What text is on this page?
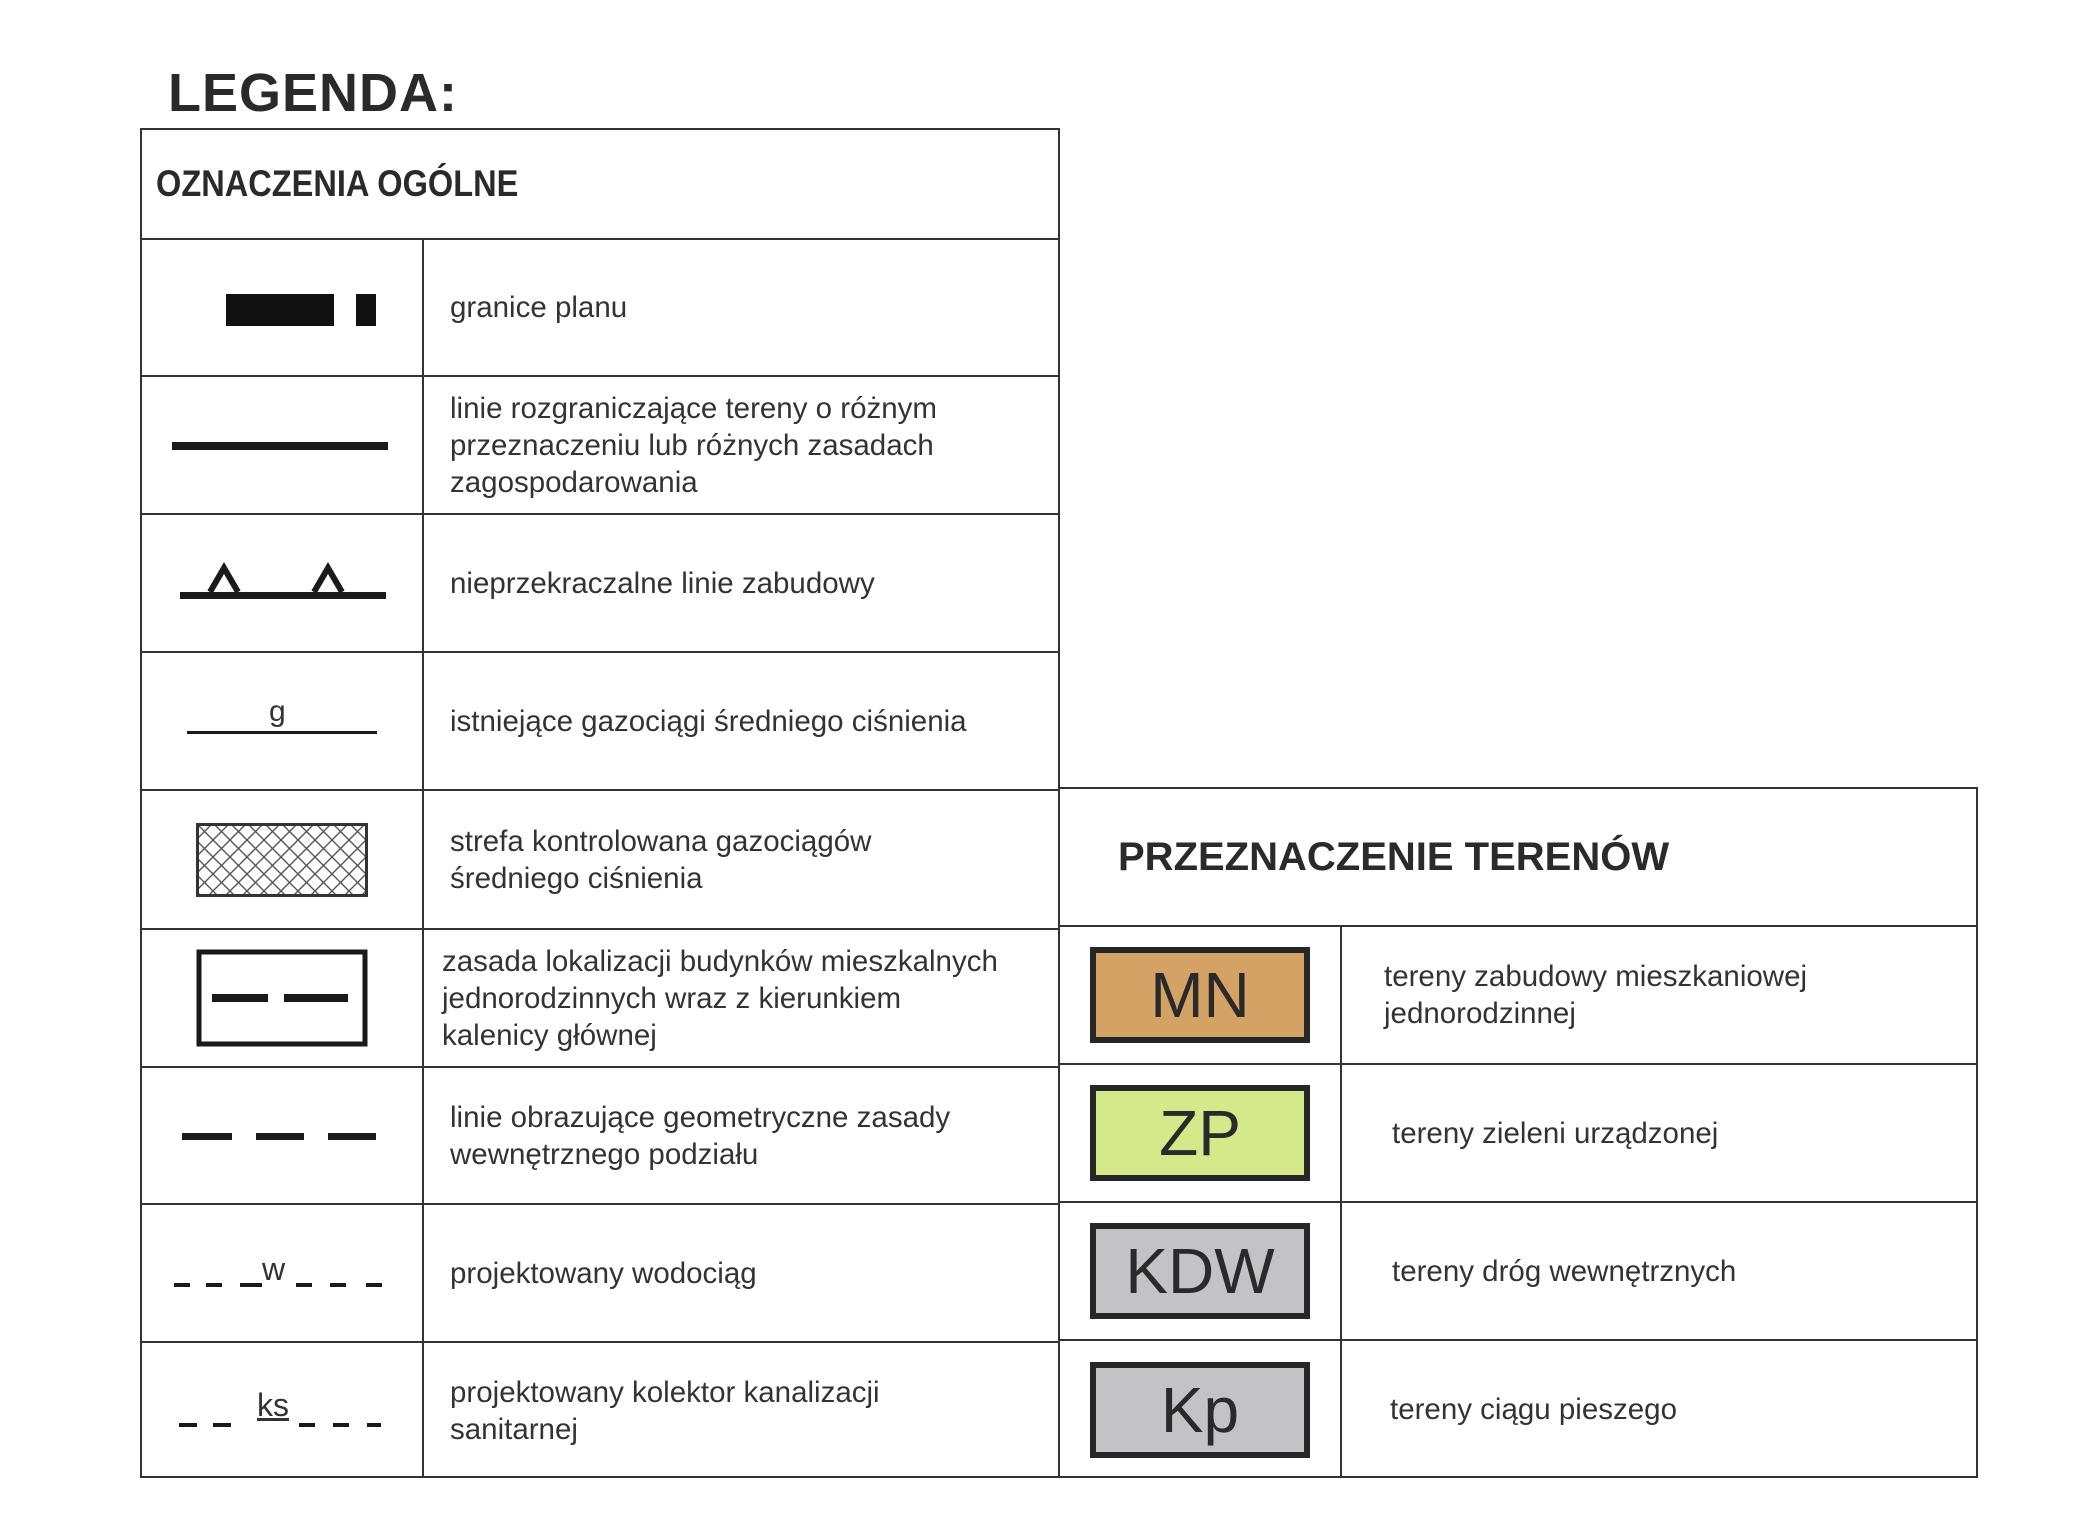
LEGENDA:
OZNACZENIA OGÓLNE
granice planu
linie rozgraniczające tereny o różnym
przeznaczeniu lub różnych zasadach
zagospodarowania
nieprzekraczalne linie zabudowy
g	istniejące gazociągi średniego ciśnienia
strefa kontrolowana gazociągów
średniego ciśnienia
zasada lokalizacji budynków mieszkalnych
jednorodzinnych wraz z kierunkiem
kalenicy głównej
linie obrazujące geometryczne zasady
wewnętrznego podziału
w	projektowany wodociąg
ks	projektowany kolektor kanalizacji
sanitarnej
PRZEZNACZENIE TERENÓW
MN	tereny zabudowy mieszkaniowej
jednorodzinnej
ZP	tereny zieleni urządzonej
KDW	tereny dróg wewnętrznych
Kp	tereny ciągu pieszego
